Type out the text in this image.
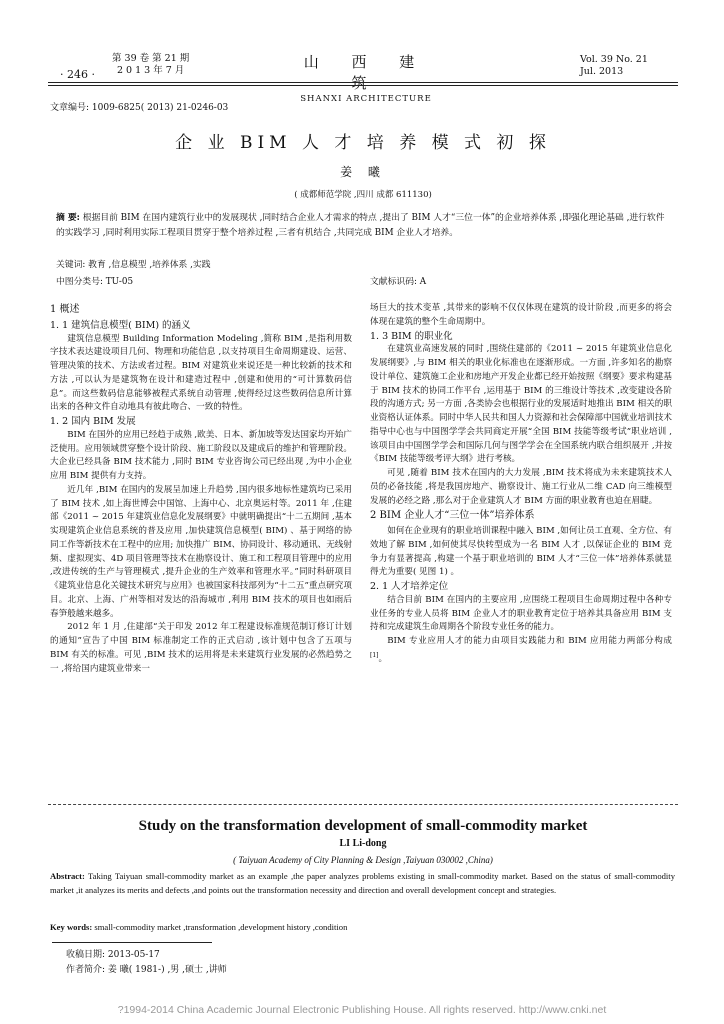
· 246 ·
第 39 卷 第 21 期
2 0 1 3 年 7 月	山 西 建 筑
SHANXI ARCHITECTURE
Vol. 39 No. 21
Jul. 2013
文章编号: 1009-6825( 2013) 21-0246-03
企 业 BIM 人 才 培 养 模 式 初 探
姜 曦
( 成都师范学院 ,四川 成都 611130)
摘 要: 根据目前 BIM 在国内建筑行业中的发展现状 ,同时结合企业人才需求的特点 ,提出了 BIM 人才“三位一体”的企业培养体系 ,即强化理论基础 ,进行软件的实践学习 ,同时利用实际工程项目贯穿于整个培养过程 ,三者有机结合 ,共同完成 BIM 企业人才培养。
关键词: 教育 ,信息模型 ,培养体系 ,实践
中图分类号: TU-05	文献标识码: A
1 概述
1. 1 建筑信息模型( BIM) 的涵义

建筑信息模型 Building Information Modeling ,简称 BIM ,是指利用数字技术表达建设项目几何、物理和功能信息 ,以支持项目生命周期建设、运营、管理决策的技术、方法或者过程。BIM 对建筑业来说还是一种比较新的技术和方法 ,可以认为是建筑物在设计和建造过程中 ,创建和使用的“可计算数码信息”。而这些数码信息能够被程式系统自动管理 ,使得经过这些数码信息所计算出来的各种文件自动地具有彼此吻合、一致的特性。

1. 2 国内 BIM 发展

BIM 在国外的应用已经趋于成熟 ,欧美、日本、新加坡等发达国家均开始广泛使用。应用领域贯穿整个设计阶段、施工阶段以及建成后的维护和管理阶段。大企业已经具备 BIM 技术能力 ,同时 BIM 专业咨询公司已经出现 ,为中小企业应用 BIM 提供有力支持。

近几年 ,BIM 在国内的发展呈加速上升趋势 ,国内很多地标性建筑均已采用了 BIM 技术 ,如上海世博会中国馆、上海中心、北京奥运村等。2011 年 ,住建部《2011 ~ 2015 年建筑业信息化发展纲要》中就明确提出“十二五期间 ,基本实现建筑企业信息系统的普及应用 ,加快建筑信息模型( BIM) 、基于网络的协同工作等新技术在工程中的应用; 加快推广 BIM、协同设计、移动通讯、无线射频、虚拟现实、4D 项目管理等技术在勘察设计、施工和工程项目管理中的应用 ,改进传统的生产与管理模式 ,提升企业的生产效率和管理水平。”同时科研项目《建筑业信息化关键技术研究与应用》也被国家科技部列为“十二五”重点研究项目。北京、上海、广州等相对发达的沿海城市 ,利用 BIM 技术的项目也如雨后春笋般越来越多。

2012 年 1 月 ,住建部“关于印发 2012 年工程建设标准规范制订修订计划的通知”宣告了中国 BIM 标准制定工作的正式启动 ,该计划中包含了五项与 BIM 有关的标准。可见 ,BIM 技术的运用将是未来建筑行业发展的必然趋势之一 ,将给国内建筑业带来一

场巨大的技术变革 ,其带来的影响不仅仅体现在建筑的设计阶段 ,而更多的将会体现在建筑的整个生命周期中。

1. 3 BIM 的职业化

在建筑业高速发展的同时 ,围绕住建部的《2011 ~ 2015 年建筑业信息化发展纲要》,与 BIM 相关的职业化标准也在逐渐形成。一方面 ,许多知名的勘察设计单位、建筑施工企业和房地产开发企业都已经开始按照《纲要》要求构建基于 BIM 技术的协同工作平台 ,运用基于 BIM 的三维设计等技术 ,改变建设各阶段的沟通方式; 另一方面 ,各类协会也根据行业的发展适时地推出 BIM 相关的职业资格认证体系。同时中华人民共和国人力资源和社会保障部中国就业培训技术指导中心也与中国图学学会共同商定开展“全国 BIM 技能等级考试”职业培训 ,该项目由中国图学学会和国际几何与图学学会在全国系统内联合组织展开 ,并按《BIM 技能等级考评大纲》进行考核。

可见 ,随着 BIM 技术在国内的大力发展 ,BIM 技术将成为未来建筑技术人员的必备技能 ,将是我国房地产、勘察设计、施工行业从二维 CAD 向三维模型发展的必经之路 ,那么对于企业建筑人才 BIM 方面的职业教育也迫在眉睫。

2 BIM 企业人才“三位一体”培养体系

如何在企业现有的职业培训课程中融入 BIM ,如何让员工直观、全方位、有效地了解 BIM ,如何使其尽快转型成为一名 BIM 人才 ,以保证企业的 BIM 竞争力有显著提高 ,构建一个基于职业培训的 BIM 人才“三位一体”培养体系就显得尤为重要( 见图 1) 。

2. 1 人才培养定位

结合目前 BIM 在国内的主要应用 ,应围绕工程项目生命周期过程中各种专业任务的专业人员将 BIM 企业人才的职业教育定位于培养其具备应用 BIM 支持和完成建筑生命周期各个阶段专业任务的能力。

BIM 专业应用人才的能力由项目实践能力和 BIM 应用能力两部分构成[1]。

Study on the transformation development of small-commodity market
LI Li-dong
( Taiyuan Academy of City Planning & Design ,Taiyuan 030002 ,China)
Abstract: Taking Taiyuan small-commodity market as an example ,the paper analyzes problems existing in small-commodity market. Based on the status of small-commodity market ,it analyzes its merits and defects ,and points out the transformation necessity and direction and overall development concept and strategies.
Key words: small-commodity market ,transformation ,development history ,condition
收稿日期: 2013-05-17
作者简介: 姜 曦( 1981-) ,男 ,硕士 ,讲师
?1994-2014 China Academic Journal Electronic Publishing House. All rights reserved. http://www.cnki.net
